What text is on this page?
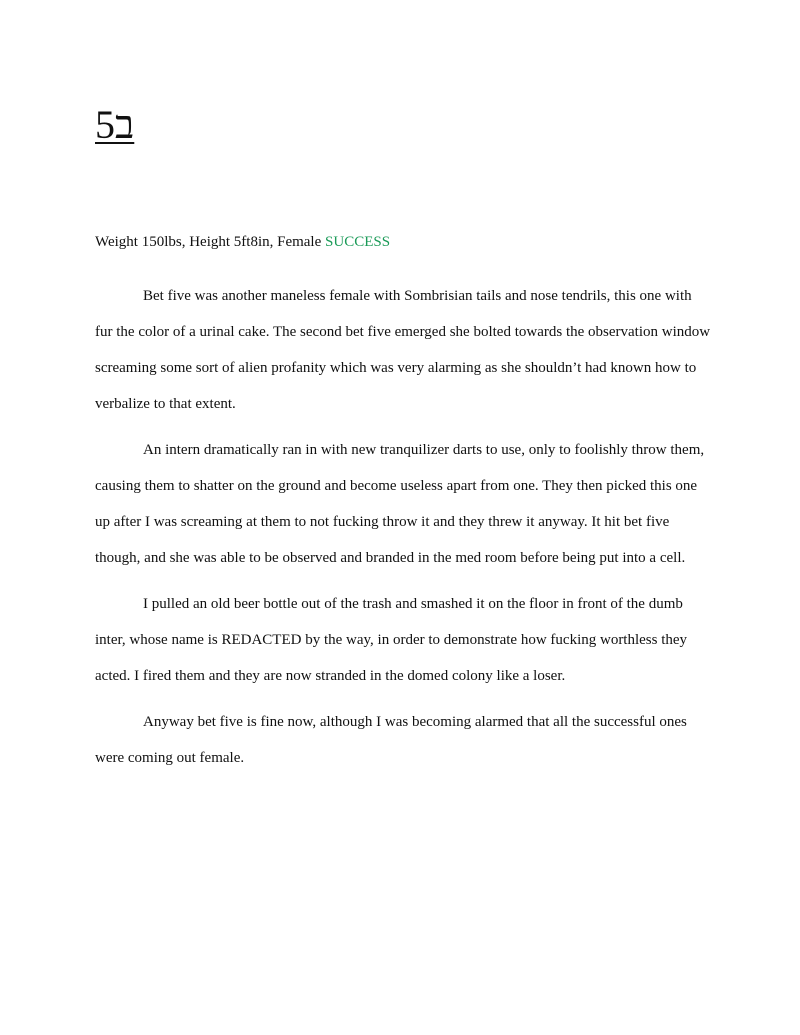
ב5

Weight 150lbs, Height 5ft8in, Female SUCCESS

Bet five was another maneless female with Sombrisian tails and nose tendrils, this one with fur the color of a urinal cake. The second bet five emerged she bolted towards the observation window screaming some sort of alien profanity which was very alarming as she shouldn’t had known how to verbalize to that extent.

An intern dramatically ran in with new tranquilizer darts to use, only to foolishly throw them, causing them to shatter on the ground and become useless apart from one. They then picked this one up after I was screaming at them to not fucking throw it and they threw it anyway. It hit bet five though, and she was able to be observed and branded in the med room before being put into a cell.

I pulled an old beer bottle out of the trash and smashed it on the floor in front of the dumb inter, whose name is REDACTED by the way, in order to demonstrate how fucking worthless they acted. I fired them and they are now stranded in the domed colony like a loser.

Anyway bet five is fine now, although I was becoming alarmed that all the successful ones were coming out female.
